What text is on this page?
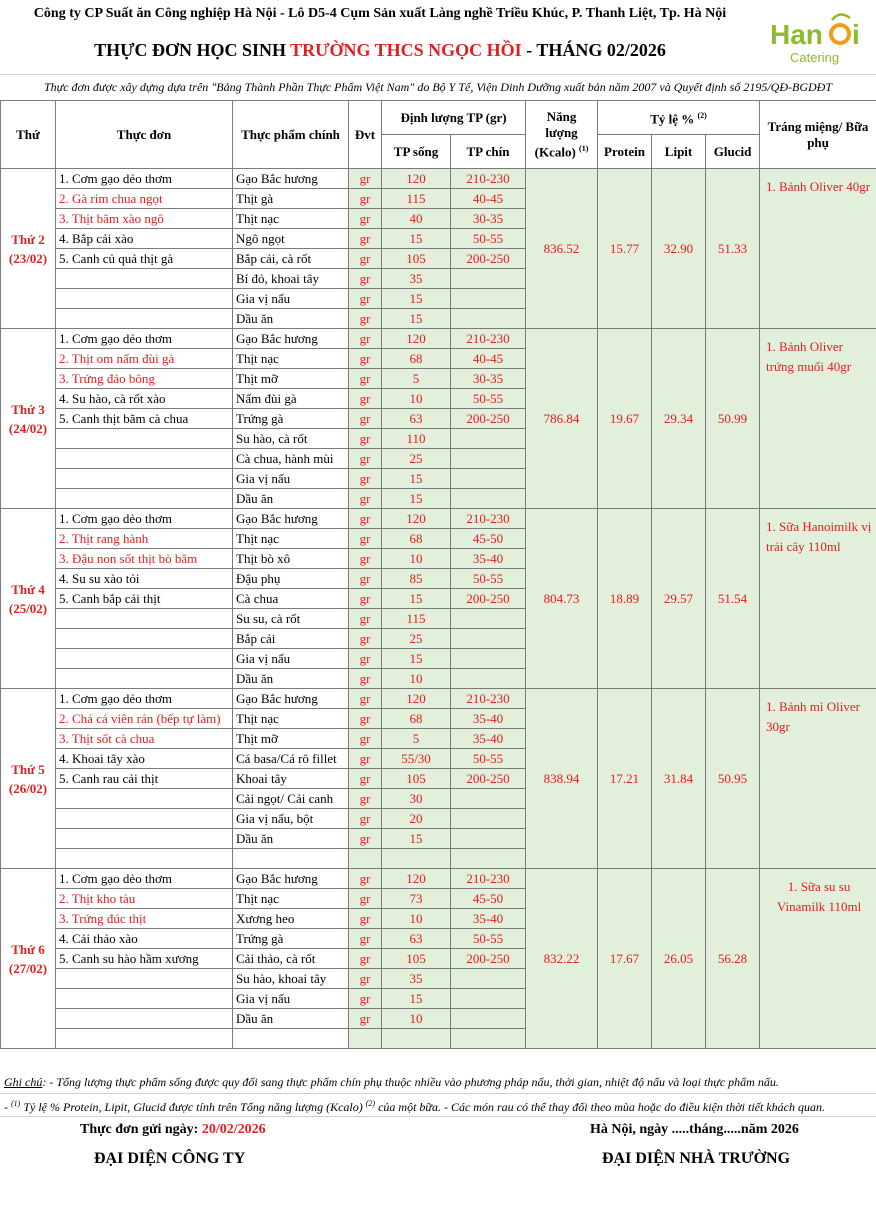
Công ty CP Suất ăn Công nghiệp Hà Nội - Lô D5-4 Cụm Sản xuất Làng nghề Triều Khúc, P. Thanh Liệt, Tp. Hà Nội
THỰC ĐƠN HỌC SINH TRƯỜNG THCS NGỌC HỒI - THÁNG 02/2026	Han i
Catering
Thực đơn được xây dựng dựa trên "Bảng Thành Phần Thực Phẩm Việt Nam" do Bộ Y Tế, Viện Dinh Dưỡng xuất bản năm 2007 và Quyết định số 2195/QĐ-BGDĐT
Thứ	Thực đơn	Thực phẩm chính	Đvt	Định lượng TP (gr)		Năng lượng (Kcalo) $^{(1)}$	Tỷ lệ % $^{(2)}$			Tráng miệng/ Bữa phụ
				TP sống	TP chín		Protein	Lipit	Glucid	

Thứ 2
(23/02)	1. Cơm gạo dẻo thơm	Gạo Bắc hương	gr	120	210-230	836.52	15.77	32.90	51.33	1. Bánh Oliver 40gr
	2. Gà rim chua ngọt	Thịt gà	gr	115	40-45					
	3. Thịt băm xào ngô	Thịt nạc	gr	40	30-35					
	4. Bắp cải xào	Ngô ngọt	gr	15	50-55					
	5. Canh củ quả thịt gà	Bắp cải, cà rốt	gr	105	200-250					
		Bí đỏ, khoai tây	gr	35						
		Gia vị nấu	gr	15						
		Dầu ăn	gr	15						

Thứ 3
(24/02)	1. Cơm gạo dẻo thơm	Gạo Bắc hương	gr	120	210-230	786.84	19.67	29.34	50.99	1. Bánh Oliver trứng muối 40gr
	2. Thịt om nấm đùi gà	Thịt nạc	gr	68	40-45					
	3. Trứng đảo bông	Thịt mỡ	gr	5	30-35					
	4. Su hào, cà rốt xào	Nấm đùi gà	gr	10	50-55					
	5. Canh thịt băm cà chua	Trứng gà	gr	63	200-250					
		Su hào, cà rốt	gr	110						
		Cà chua, hành mùi	gr	25						
		Gia vị nấu	gr	15						
		Dầu ăn	gr	15						

Thứ 4
(25/02)	1. Cơm gạo dẻo thơm	Gạo Bắc hương	gr	120	210-230	804.73	18.89	29.57	51.54	1. Sữa Hanoimilk vị trái cây 110ml
	2. Thịt rang hành	Thịt nạc	gr	68	45-50					
	3. Đậu non sốt thịt bò băm	Thịt bò xô	gr	10	35-40					
	4. Su su xào tỏi	Đậu phụ	gr	85	50-55					
	5. Canh bắp cải thịt	Cà chua	gr	15	200-250					
		Su su, cà rốt	gr	115						
		Bắp cải	gr	25						
		Gia vị nấu	gr	15						
		Dầu ăn	gr	10						

Thứ 5
(26/02)	1. Cơm gạo dẻo thơm	Gạo Bắc hương	gr	120	210-230	838.94	17.21	31.84	50.95	1. Bánh mì Oliver 30gr
	2. Chả cá viên rán (bếp tự làm)	Thịt nạc	gr	68	35-40					
	3. Thịt sốt cà chua	Thịt mỡ	gr	5	35-40					
	4. Khoai tây xào	Cá basa/Cá rô fillet	gr	55/30	50-55					
	5. Canh rau cải thịt	Khoai tây	gr	105	200-250					
		Cải ngọt/ Cải canh	gr	30						
		Gia vị nấu, bột	gr	20						
		Dầu ăn	gr	15						

Thứ 6
(27/02)	1. Cơm gạo dẻo thơm	Gạo Bắc hương	gr	120	210-230	832.22	17.67	26.05	56.28	1. Sữa su su Vinamilk 110ml
	2. Thịt kho tàu	Thịt nạc	gr	73	45-50					
	3. Trứng đúc thịt	Xương heo	gr	10	35-40					
	4. Cải thảo xào	Trứng gà	gr	63	50-55					
	5. Canh su hào hầm xương	Cải thảo, cà rốt	gr	105	200-250					
		Su hào, khoai tây	gr	35						
		Gia vị nấu	gr	15						
		Dầu ăn	gr	10						

Ghi chú: - Tổng lượng thực phẩm sống được quy đổi sang thực phẩm chín phụ thuộc nhiều vào phương pháp nấu, thời gian, nhiệt độ nấu và loại thực phẩm nấu.
- $^{(1)}$ Tỷ lệ % Protein, Lipit, Glucid được tính trên Tổng năng lượng (Kcalo) $^{(2)}$ của một bữa. - Các món rau có thể thay đổi theo mùa hoặc do điều kiện thời tiết khách quan.
Thực đơn gửi ngày: 20/02/2026	Hà Nội, ngày .....tháng.....năm 2026
ĐẠI DIỆN CÔNG TY	ĐẠI DIỆN NHÀ TRƯỜNG
